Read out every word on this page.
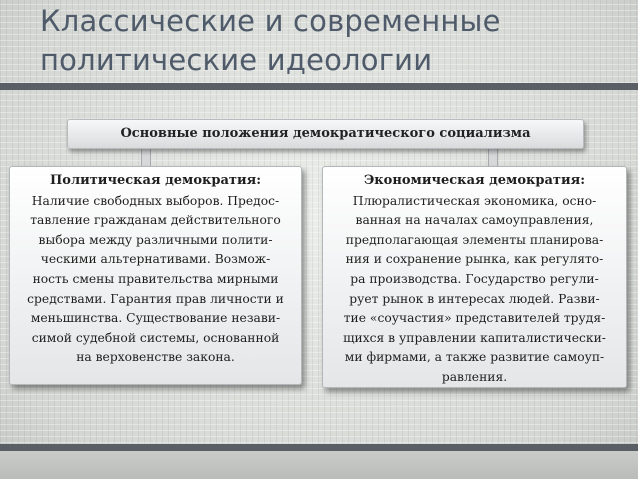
Классические и современные
политические идеологии
Основные положения демократического социализма
Политическая демократия:
Наличие свободных выборов. Предос-
тавление гражданам действительного
выбора между различными полити-
ческими альтернативами. Возмож-
ность смены правительства мирными
средствами. Гарантия прав личности и
меньшинства. Существование незави-
симой судебной системы, основанной
на верховенстве закона.
Экономическая демократия:
Плюралистическая экономика, осно-
ванная на началах самоуправления,
предполагающая элементы планирова-
ния и сохранение рынка, как регулято-
ра производства. Государство регули-
рует рынок в интересах людей. Разви-
тие «соучастия» представителей трудя-
щихся в управлении капиталистически-
ми фирмами, а также развитие самоуп-
равления.
